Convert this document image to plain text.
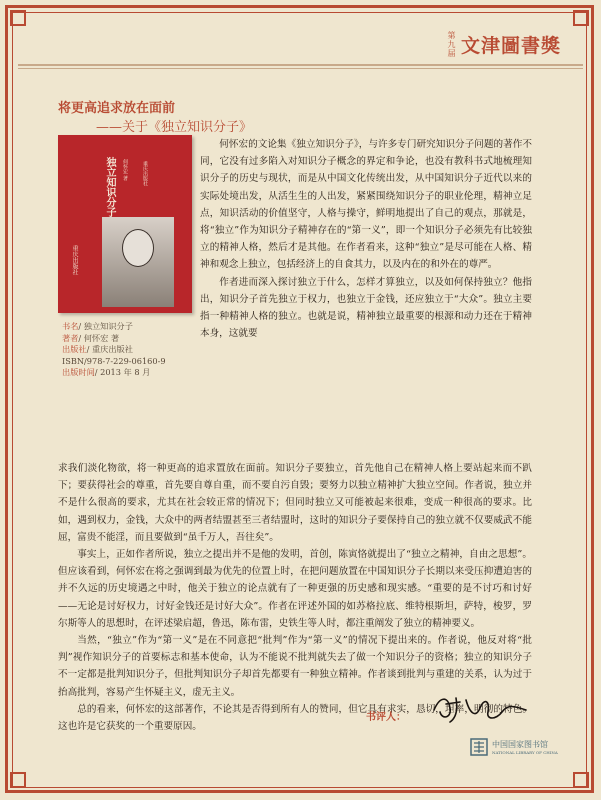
第九届 文津圖書獎
将更高追求放在面前
——关于《独立知识分子》
独立知识分子	何怀宏 著	重庆出版社
重庆出版社
书名/ 独立知识分子
著者/ 何怀宏 著
出版社/ 重庆出版社
ISBN/978-7-229-06160-9
出版时间/ 2013 年 8 月

何怀宏的文论集《独立知识分子》，与许多专门研究知识分子问题的著作不同，它没有过多陷入对知识分子概念的界定和争论，也没有教科书式地梳理知识分子的历史与现状，而是从中国文化传统出发，从中国知识分子近代以来的实际处境出发，从活生生的人出发，紧紧围绕知识分子的职业伦理，精神立足点，知识活动的价值坚守，人格与操守，鲜明地提出了自己的观点，那就是，将“独立”作为知识分子精神存在的“第一义”，即一个知识分子必须先有比较独立的精神人格，然后才是其他。在作者看来，这种“独立”是尽可能在人格、精神和观念上独立，包括经济上的自食其力，以及内在的和外在的尊严。

作者进而深入探讨独立于什么，怎样才算独立，以及如何保持独立？他指出，知识分子首先独立于权力，也独立于金钱，还应独立于“大众”。独立主要指一种精神人格的独立。也就是说，精神独立最重要的根源和动力还在于精神本身，这就要

求我们淡化物欲，将一种更高的追求置放在面前。知识分子要独立，首先他自己在精神人格上要站起来而不趴下；要获得社会的尊重，首先要自尊自重，而不要自污自毁；要努力以独立精神扩大独立空间。作者说，独立并不是什么很高的要求，尤其在社会较正常的情况下；但同时独立又可能被起来很难，变成一种很高的要求。比如，遇到权力，金钱，大众中的两者结盟甚至三者结盟时，这时的知识分子要保持自己的独立就不仅要威武不能屈，富贵不能淫，而且要做到“虽千万人，吾往矣”。

事实上，正如作者所说，独立之提出并不是他的发明，首创，陈寅恪就提出了“独立之精神，自由之思想”。但应该看到，何怀宏在将之强调到最为优先的位置上时，在把问题放置在中国知识分子长期以来受压抑遭迫害的并不久远的历史境遇之中时，他关于独立的论点就有了一种更强的历史感和现实感。“重要的是不讨巧和讨好——无论是讨好权力，讨好金钱还是讨好大众”。作者在评述外国的如苏格拉底、维特根斯坦，萨特，梭罗，罗尔斯等人的思想时，在评述梁启超，鲁迅，陈布雷，史铁生等人时，都注重阐发了独立的精神要义。

当然，“独立”作为“第一义”是在不同意把“批判”作为“第一义”的情况下提出来的。作者说，他反对将“批判”视作知识分子的首要标志和基本使命，认为不能说不批判就失去了做一个知识分子的资格；独立的知识分子不一定都是批判知识分子，但批判知识分子却首先都要有一种独立精神。作者谈到批判与重建的关系，认为过于抬高批判，容易产生怀疑主义，虚无主义。

总的看来，何怀宏的这部著作，不论其是否得到所有人的赞同，但它具有求实，恳切，坦率，明彻的特色。这也许是它获奖的一个重要原因。

书评人：
中国国家图书馆
NATIONAL LIBRARY OF CHINA
